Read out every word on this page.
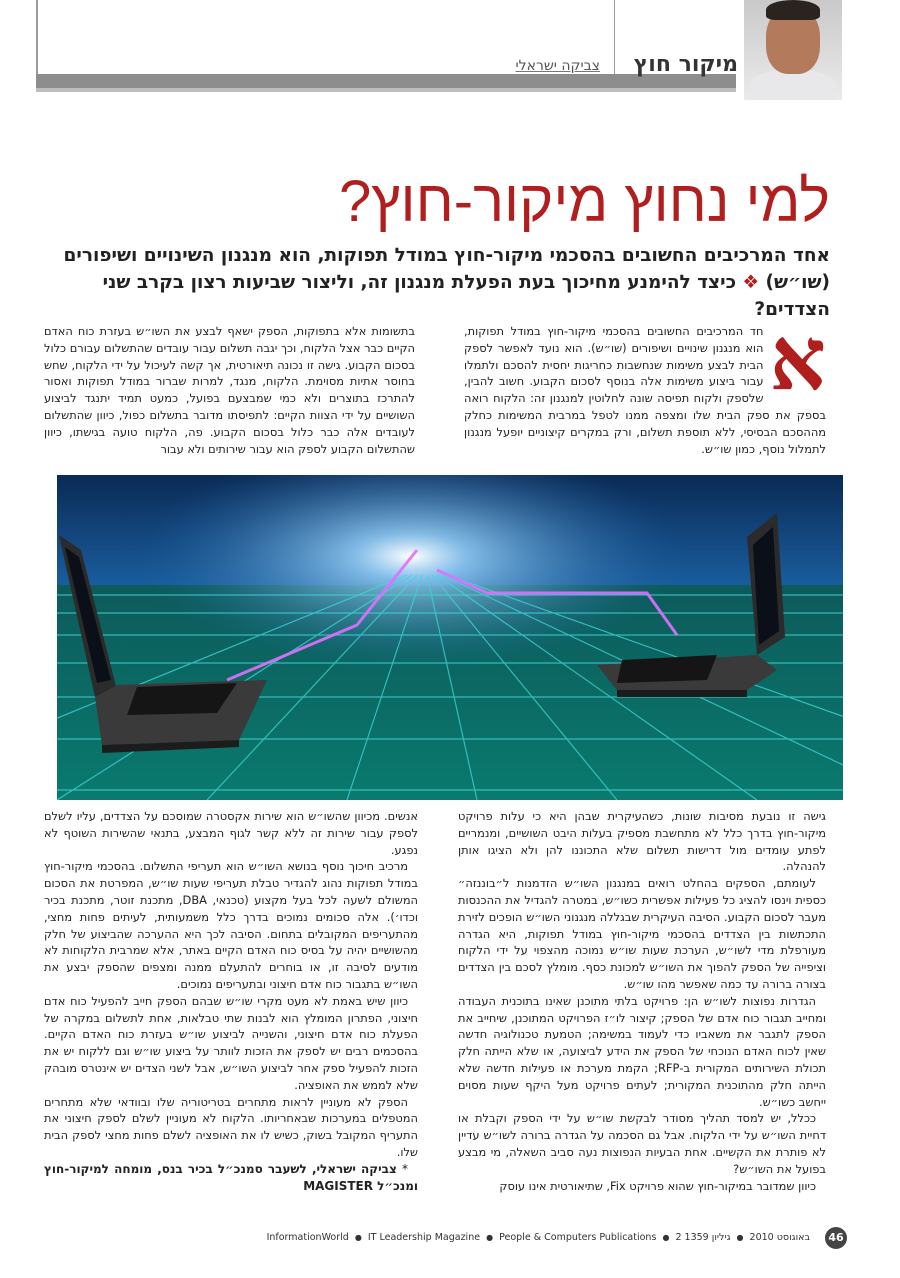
מיקור חוץ
צביקה ישראלי
למי נחוץ מיקור-חוץ?
אחד המרכיבים החשובים בהסכמי מיקור-חוץ במודל תפוקות, הוא מנגנון השינויים ושיפורים (שו״ש) ❖ כיצד להימנע מחיכוך בעת הפעלת מנגנון זה, וליצור שביעות רצון בקרב שני הצדדים?
א

חד המרכיבים החשובים בהסכמי מיקור-חוץ במודל תפוקות, הוא מנגנון שינויים ושיפורים (שו״ש). הוא נועד לאפשר לספק הבית לבצע משימות שנחשבות כחריגות יחסית להסכם ולתמלו עבור ביצוע משימות אלה בנוסף לסכום הקבוע. חשוב להבין, שלספק ולקוח תפיסה שונה לחלוטין למנגנון זה: הלקוח רואה בספק את ספק הבית שלו ומצפה ממנו לטפל במרבית המשימות כחלק מההסכם הבסיסי, ללא תוספת תשלום, ורק במקרים קיצוניים יופעל מנגנון לתמלול נוסף, כמון שו״ש.

בתשומות אלא בתפוקות, הספק ישאף לבצע את השו״ש בעזרת כוח האדם הקיים כבר אצל הלקוח, וכך יגבה תשלום עבור עובדים שהתשלום עבורם כלול בסכום הקבוע. גישה זו נכונה תיאורטית, אך קשה לעיכול על ידי הלקוח, שחש בחוסר אתיות מסוימת. הלקוח, מנגד, למרות שברור במודל תפוקות ואסור להתרכז בתוצרים ולא כמי שמבצעם בפועל, כמעט תמיד יתנגד לביצוע השושיים על ידי הצוות הקיים: לתפיסתו מדובר בתשלום כפול, כיוון שהתשלום לעובדים אלה כבר כלול בסכום הקבוע. פה, הלקוח טועה בגישתו, כיוון שהתשלום הקבוע לספק הוא עבור שירותים ולא עבור

גישה זו נובעת מסיבות שונות, כשהעיקרית שבהן היא כי עלות פרויקט מיקור-חוץ בדרך כלל לא מתחשבת מספיק בעלות היבט השושיים, ומנמריים לפתע עומדים מול דרישות תשלום שלא התכוננו להן ולא הציגו אותן להנהלה.

לעומתם, הספקים בהחלט רואים במנגנון השו״ש הזדמנות ל״בוננזה״ כספית וינסו להציג כל פעילות אפשרית כשו״ש, במטרה להגדיל את ההכנסות מעבר לסכום הקבוע. הסיבה העיקרית שבגללה מנגנוני השו״ש הופכים לזירת התכתשות בין הצדדים בהסכמי מיקור-חוץ במודל תפוקות, היא הגדרה מעורפלת מדי לשו״ש, הערכת שעות שו״ש נמוכה מהצפוי על ידי הלקוח וציפייה של הספק להפוך את השו״ש למכונת כסף. מומלץ לסכם בין הצדדים בצורה ברורה עד כמה שאפשר מהו שו״ש.

הגדרות נפוצות לשו״ש הן: פרויקט בלתי מתוכנן שאינו בתוכנית העבודה ומחייב תגבור כוח אדם של הספק; קיצור לו״ז הפרויקט המתוכנן, שיחייב את הספק לתגבר את משאביו כדי לעמוד במשימה; הטמעת טכנולוגיה חדשה שאין לכוח האדם הנוכחי של הספק את הידע לביצועה, או שלא הייתה חלק תכולת השירותים המקורית ב-RFP; הקמת מערכת או פעילות חדשה שלא הייתה חלק מהתוכנית המקורית; לעתים פרויקט מעל היקף שעות מסוים ייחשב כשו״ש.

ככלל, יש למסד תהליך מסודר לבקשת שו״ש על ידי הספק וקבלת או דחיית השו״ש על ידי הלקוח. אבל גם הסכמה על הגדרה ברורה לשו״ש עדיין לא פותרת את הקשיים. אחת הבעיות הנפוצות נעה סביב השאלה, מי מבצע בפועל את השו״ש?

כיוון שמדובר במיקור-חוץ שהוא פרויקט Fix, שתיאורטית אינו עוסק

אנשים. מכיוון שהשו״ש הוא שירות אקסטרה שמוסכם על הצדדים, עליו לשלם לספק עבור שירות זה ללא קשר לגוף המבצע, בתנאי שהשירות השוטף לא נפגע.

מרכיב חיכוך נוסף בנושא השו״ש הוא תעריפי התשלום. בהסכמי מיקור-חוץ במודל תפוקות נהוג להגדיר טבלת תעריפי שעות שו״ש, המפרטת את הסכום המשולם לשעה לכל בעל מקצוע (טכנאי, DBA, מתכנת זוטר, מתכנת בכיר וכדו׳). אלה סכומים נמוכים בדרך כלל משמעותית, לעיתים פחות מחצי, מהתעריפים המקובלים בתחום. הסיבה לכך היא ההערכה שהביצוע של חלק מהשושיים יהיה על בסיס כוח האדם הקיים באתר, אלא שמרבית הלקוחות לא מודעים לסיבה זו, או בוחרים להתעלם ממנה ומצפים שהספק יבצע את השו״ש בתגבור כוח אדם חיצוני ובתעריפים נמוכים.

כיוון שיש באמת לא מעט מקרי שו״ש שבהם הספק חייב להפעיל כוח אדם חיצוני, הפתרון המומלץ הוא לבנות שתי טבלאות, אחת לתשלום במקרה של הפעלת כוח אדם חיצוני, והשנייה לביצוע שו״ש בעזרת כוח האדם הקיים. בהסכמים רבים יש לספק את הזכות לוותר על ביצוע שו״ש וגם ללקוח יש את הזכות להפעיל ספק אחר לביצוע השו״ש, אבל לשני הצדים יש אינטרס מובהק שלא לממש את האופציה.

הספק לא מעוניין לראות מתחרים בטריטוריה שלו ובוודאי שלא מתחרים המטפלים במערכות שבאחריותו. הלקוח לא מעוניין לשלם לספק חיצוני את התעריף המקובל בשוק, כשיש לו את האופציה לשלם פחות מחצי לספק הבית שלו.

* צביקה ישראלי, לשעבר סמנכ״ל בכיר בנס, מומחה למיקור-חוץ ומנכ״ל MAGISTER

InformationWorld ● IT Leadership Magazine ● People & Computers Publications ● 2 באוגוסט 2010 ● גיליון 1359	46
